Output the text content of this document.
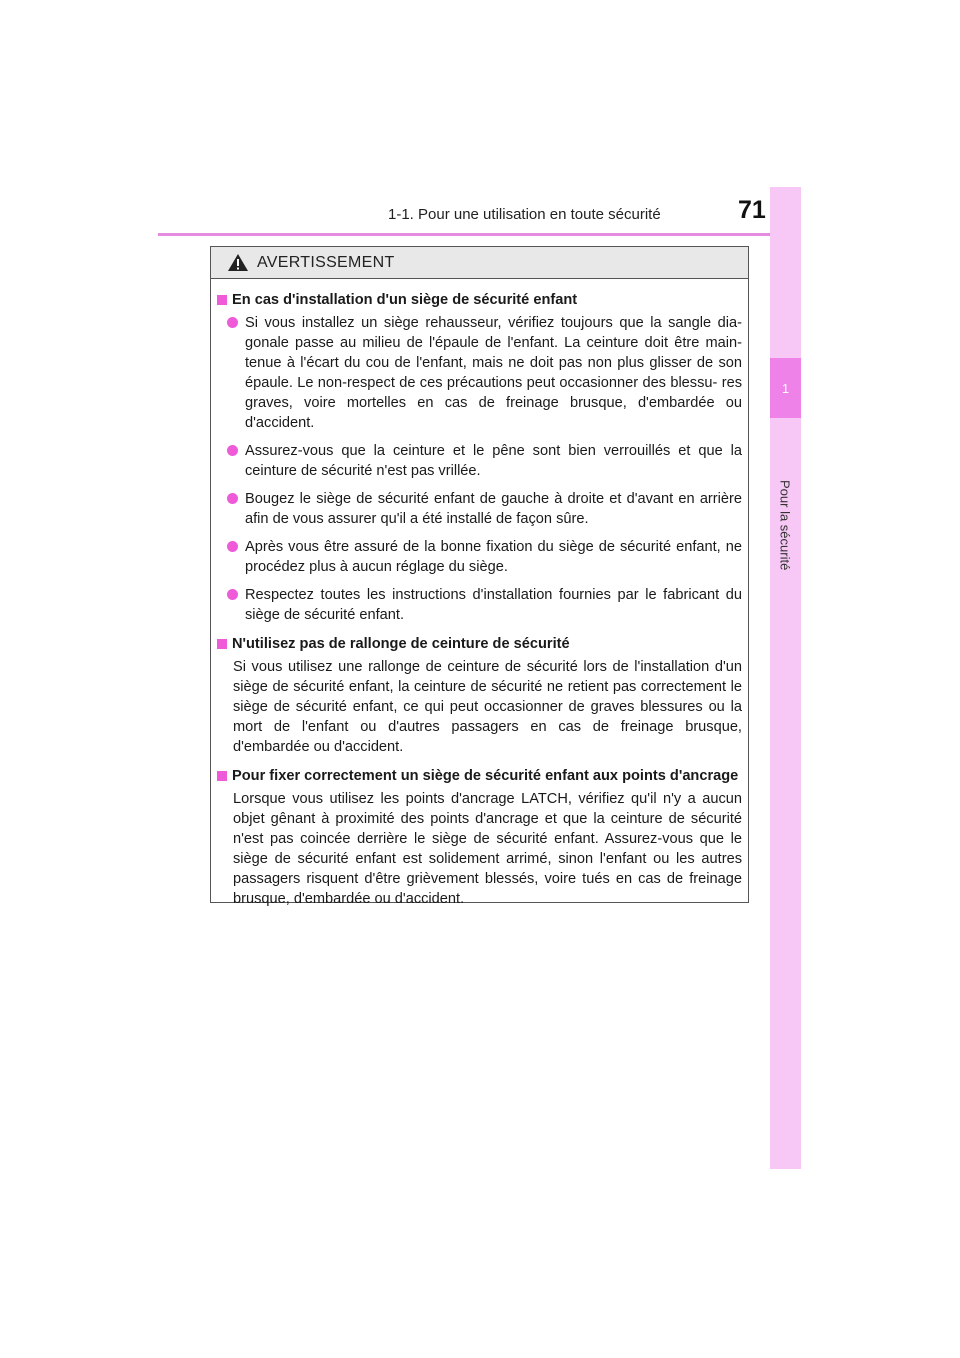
1-1. Pour une utilisation en toute sécurité	71
1
Pour la sécurité
AVERTISSEMENT
En cas d'installation d'un siège de sécurité enfant
Si vous installez un siège rehausseur, vérifiez toujours que la sangle dia- gonale passe au milieu de l'épaule de l'enfant. La ceinture doit être main- tenue à l'écart du cou de l'enfant, mais ne doit pas non plus glisser de son épaule. Le non-respect de ces précautions peut occasionner des blessu- res graves, voire mortelles en cas de freinage brusque, d'embardée ou d'accident.
Assurez-vous que la ceinture et le pêne sont bien verrouillés et que la ceinture de sécurité n'est pas vrillée.
Bougez le siège de sécurité enfant de gauche à droite et d'avant en arrière afin de vous assurer qu'il a été installé de façon sûre.
Après vous être assuré de la bonne fixation du siège de sécurité enfant, ne procédez plus à aucun réglage du siège.
Respectez toutes les instructions d'installation fournies par le fabricant du siège de sécurité enfant.
N'utilisez pas de rallonge de ceinture de sécurité
Si vous utilisez une rallonge de ceinture de sécurité lors de l'installation d'un siège de sécurité enfant, la ceinture de sécurité ne retient pas correctement le siège de sécurité enfant, ce qui peut occasionner de graves blessures ou la mort de l'enfant ou d'autres passagers en cas de freinage brusque, d'embardée ou d'accident.
Pour fixer correctement un siège de sécurité enfant aux points d'ancrage
Lorsque vous utilisez les points d'ancrage LATCH, vérifiez qu'il n'y a aucun objet gênant à proximité des points d'ancrage et que la ceinture de sécurité n'est pas coincée derrière le siège de sécurité enfant. Assurez-vous que le siège de sécurité enfant est solidement arrimé, sinon l'enfant ou les autres passagers risquent d'être grièvement blessés, voire tués en cas de freinage brusque, d'embardée ou d'accident.
